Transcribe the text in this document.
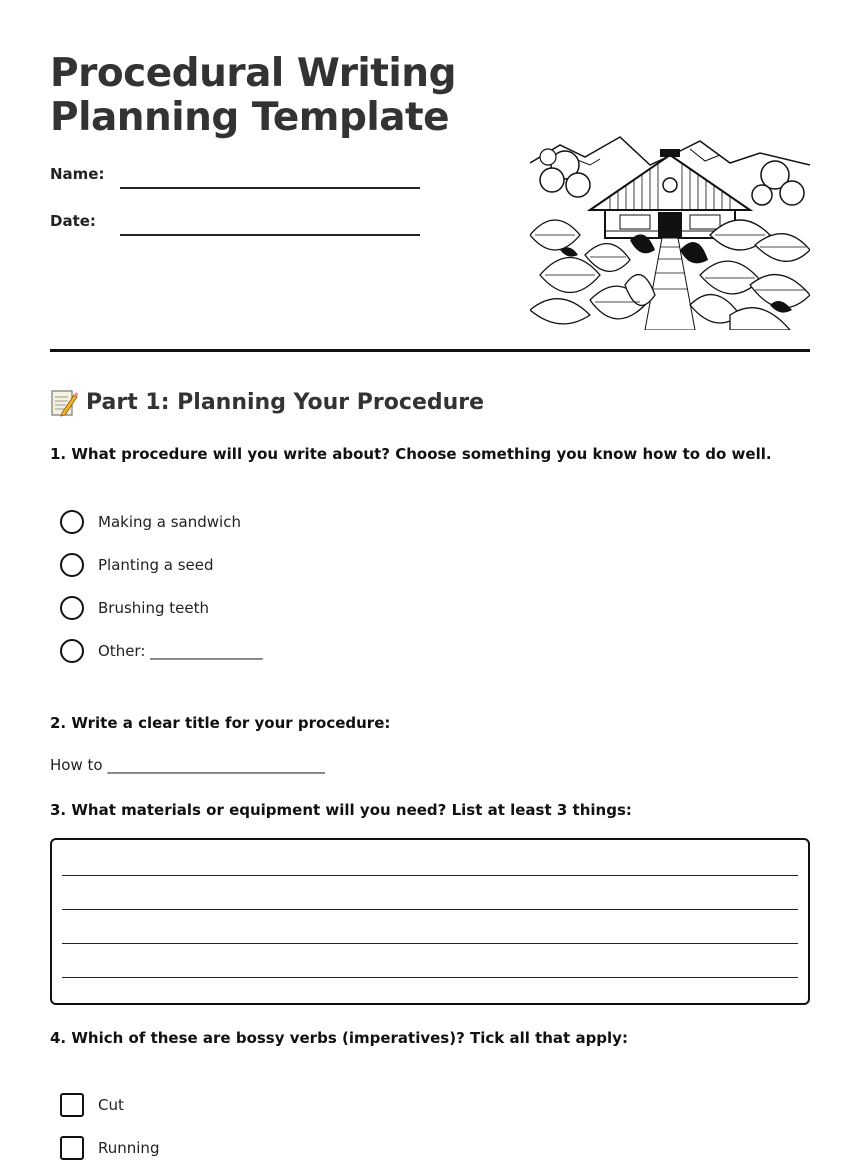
Procedural Writing
Planning Template
Name:
Date:
Part 1: Planning Your Procedure
1. What procedure will you write about? Choose something you know how to do well.
Making a sandwich
Planting a seed
Brushing teeth
Other: _______________
2. Write a clear title for your procedure:
How to _____________________________
3. What materials or equipment will you need? List at least 3 things:
4. Which of these are bossy verbs (imperatives)? Tick all that apply:
Cut
Running
